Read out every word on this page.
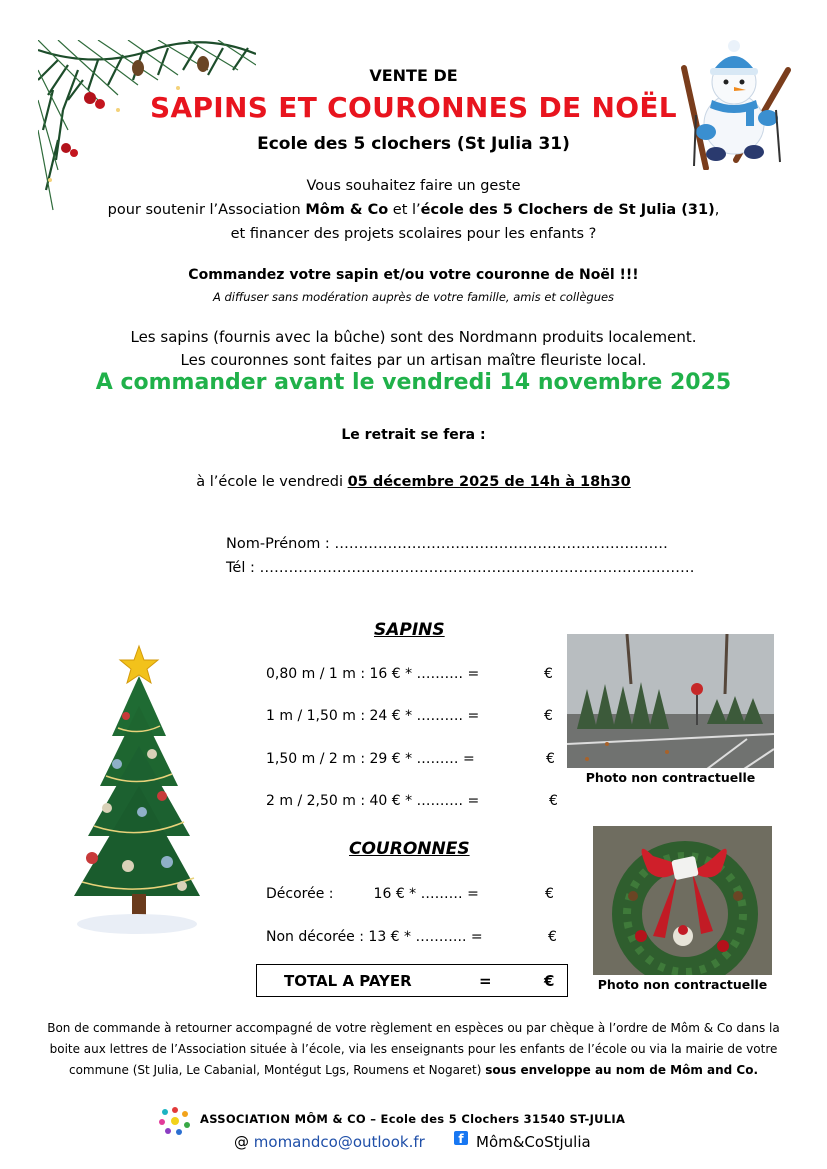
VENTE DE
SAPINS ET COURONNES DE NOËL
Ecole des 5 clochers (St Julia 31)
Vous souhaitez faire un geste
pour soutenir l’Association Môm & Co et l’école des 5 Clochers de St Julia (31),
et financer des projets scolaires pour les enfants ?
Commandez votre sapin et/ou votre couronne de Noël !!!
A diffuser sans modération auprès de votre famille, amis et collègues
Les sapins (fournis avec la bûche) sont des Nordmann produits localement.
Les couronnes sont faites par un artisan maître fleuriste local.
A commander avant le vendredi 14 novembre 2025
Le retrait se fera :
à l’école le vendredi 05 décembre 2025 de 14h à 18h30
Nom-Prénom : ……………………………………………………………
Tél : ………………………………………………………………………………
SAPINS

0,80 m / 1 m : 16 € * ………. =

	€

1 m / 1,50 m : 24 € * ………. =

	€

1,50 m / 2 m : 29 € * ……… =

	€

2 m / 2,50 m : 40 € * ………. =

	€

Photo non contractuelle
COURONNES

Décorée :         16 € * ……… =

	€

Non décorée : 13 € * ……….. =

	€

Photo non contractuelle
TOTAL A PAYER	=	€
Bon de commande à retourner accompagné de votre règlement en espèces ou par chèque à l’ordre de Môm & Co dans la boite aux lettres de l’Association située à l’école, via les enseignants pour les enfants de l’école ou via la mairie de votre commune (St Julia, Le Cabanial, Montégut Lgs, Roumens et Nogaret) sous enveloppe au nom de Môm and Co.
ASSOCIATION MÔM & CO – Ecole des 5 Clochers 31540 ST-JULIA
@ momandco@outlook.fr	f Môm&CoStjulia
